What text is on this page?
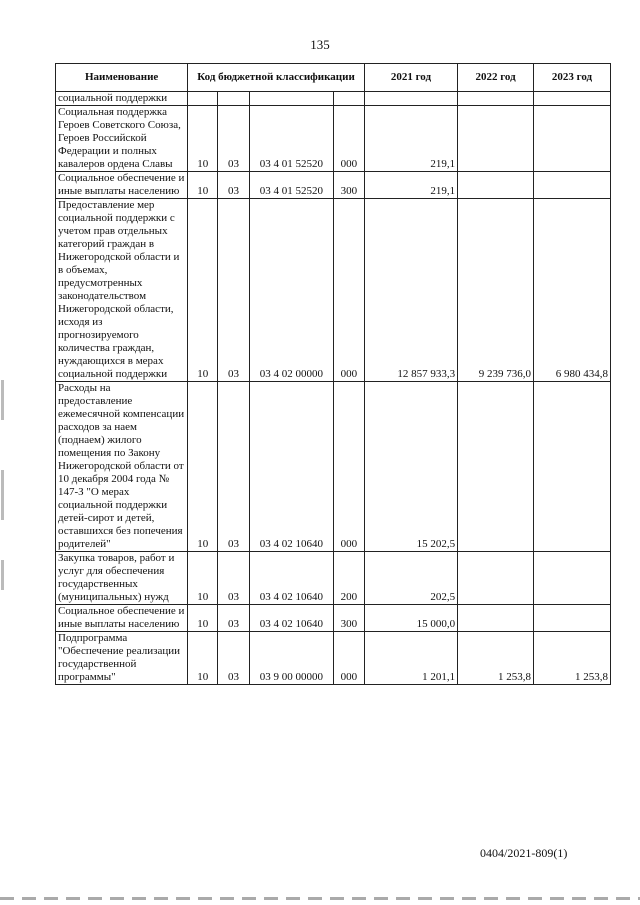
135
Наименование	Код бюджетной классификации				2021 год	2022 год	2023 год
социальной поддержки							
Социальная поддержка Героев Советского Союза, Героев Российской Федерации и полных кавалеров ордена Славы	10	03	03 4 01 52520	000	219,1		
Социальное обеспечение и иные выплаты населению	10	03	03 4 01 52520	300	219,1		
Предоставление мер социальной поддержки с учетом прав отдельных категорий граждан в Нижегородской области и в объемах, предусмотренных законодательством Нижегородской области, исходя из прогнозируемого количества граждан, нуждающихся в мерах социальной поддержки	10	03	03 4 02 00000	000	12 857 933,3	9 239 736,0	6 980 434,8
Расходы на предоставление ежемесячной компенсации расходов за наем (поднаем) жилого помещения по Закону Нижегородской области от 10 декабря 2004 года № 147-З "О мерах социальной поддержки детей-сирот и детей, оставшихся без попечения родителей"	10	03	03 4 02 10640	000	15 202,5		
Закупка товаров, работ и услуг для обеспечения государственных (муниципальных) нужд	10	03	03 4 02 10640	200	202,5		
Социальное обеспечение и иные выплаты населению	10	03	03 4 02 10640	300	15 000,0		
Подпрограмма "Обеспечение реализации государственной программы"	10	03	03 9 00 00000	000	1 201,1	1 253,8	1 253,8
0404/2021-809(1)
